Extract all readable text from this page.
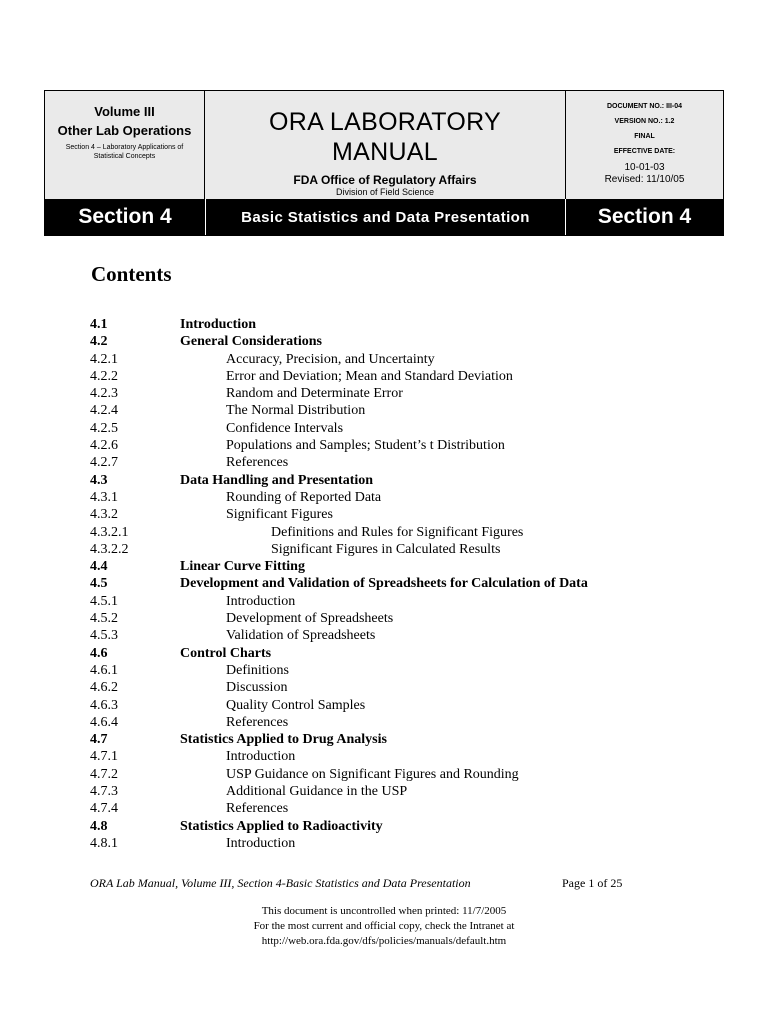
Volume III
Other Lab Operations
Section 4 – Laboratory Applications of Statistical Concepts
ORA LABORATORY
MANUAL
FDA Office of Regulatory Affairs
Division of Field Science
DOCUMENT NO.: III-04
VERSION NO.: 1.2
FINAL
EFFECTIVE DATE:
10-01-03
Revised: 11/10/05
Section 4	Basic Statistics and Data Presentation	Section 4
Contents
4.1	Introduction
4.2	General Considerations
4.2.1	Accuracy, Precision, and Uncertainty
4.2.2	Error and Deviation; Mean and Standard Deviation
4.2.3	Random and Determinate Error
4.2.4	The Normal Distribution
4.2.5	Confidence Intervals
4.2.6	Populations and Samples; Student’s t Distribution
4.2.7	References
4.3	Data Handling and Presentation
4.3.1	Rounding of Reported Data
4.3.2	Significant Figures
4.3.2.1	Definitions and Rules for Significant Figures
4.3.2.2	Significant Figures in Calculated Results
4.4	Linear Curve Fitting
4.5	Development and Validation of Spreadsheets for Calculation of Data
4.5.1	Introduction
4.5.2	Development of Spreadsheets
4.5.3	Validation of Spreadsheets
4.6	Control Charts
4.6.1	Definitions
4.6.2	Discussion
4.6.3	Quality Control Samples
4.6.4	References
4.7	Statistics Applied to Drug Analysis
4.7.1	Introduction
4.7.2	USP Guidance on Significant Figures and Rounding
4.7.3	Additional Guidance in the USP
4.7.4	References
4.8	Statistics Applied to Radioactivity
4.8.1	Introduction
ORA Lab Manual, Volume III, Section 4-Basic Statistics and Data Presentation	Page 1 of 25
This document is uncontrolled when printed: 11/7/2005
For the most current and official copy, check the Intranet at
http://web.ora.fda.gov/dfs/policies/manuals/default.htm
